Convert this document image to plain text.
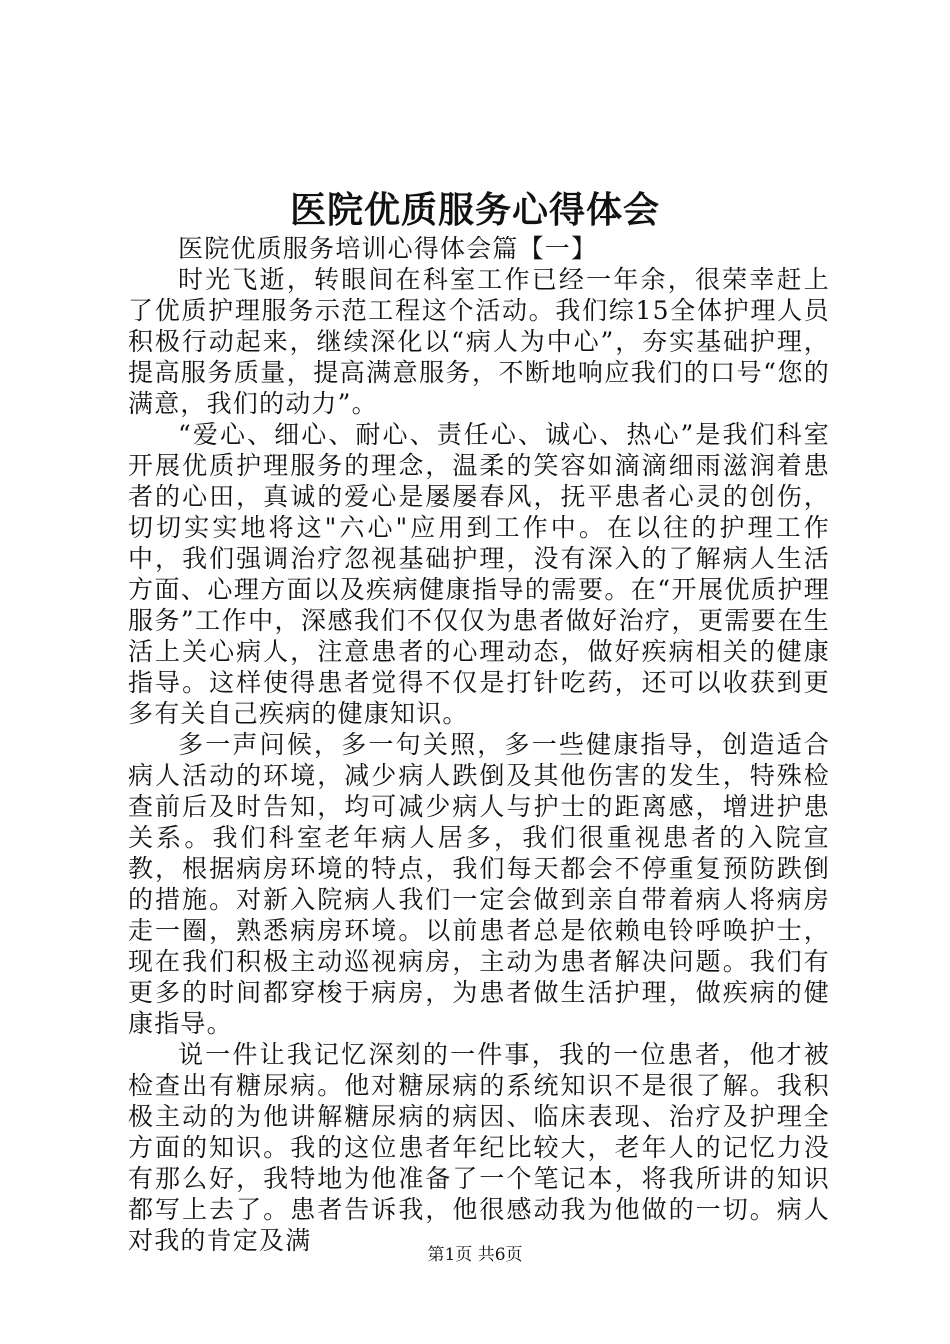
医院优质服务心得体会
医院优质服务培训心得体会篇【一】

时光飞逝，转眼间在科室工作已经一年余，很荣幸赶上了优质护理服务示范工程这个活动。我们综15全体护理人员积极行动起来，继续深化以“病人为中心”，夯实基础护理，提高服务质量，提高满意服务，不断地响应我们的口号“您的满意，我们的动力”。

“爱心、细心、耐心、责任心、诚心、热心”是我们科室开展优质护理服务的理念，温柔的笑容如滴滴细雨滋润着患者的心田，真诚的爱心是屡屡春风，抚平患者心灵的创伤，切切实实地将这"六心"应用到工作中。在以往的护理工作中，我们强调治疗忽视基础护理，没有深入的了解病人生活方面、心理方面以及疾病健康指导的需要。在“开展优质护理服务”工作中，深感我们不仅仅为患者做好治疗，更需要在生活上关心病人，注意患者的心理动态，做好疾病相关的健康指导。这样使得患者觉得不仅是打针吃药，还可以收获到更多有关自己疾病的健康知识。

多一声问候，多一句关照，多一些健康指导，创造适合病人活动的环境，减少病人跌倒及其他伤害的发生，特殊检查前后及时告知，均可减少病人与护士的距离感，增进护患关系。我们科室老年病人居多，我们很重视患者的入院宣教，根据病房环境的特点，我们每天都会不停重复预防跌倒的措施。对新入院病人我们一定会做到亲自带着病人将病房走一圈，熟悉病房环境。以前患者总是依赖电铃呼唤护士，现在我们积极主动巡视病房，主动为患者解决问题。我们有更多的时间都穿梭于病房，为患者做生活护理，做疾病的健康指导。

说一件让我记忆深刻的一件事，我的一位患者，他才被检查出有糖尿病。他对糖尿病的系统知识不是很了解。我积极主动的为他讲解糖尿病的病因、临床表现、治疗及护理全方面的知识。我的这位患者年纪比较大，老年人的记忆力没有那么好，我特地为他准备了一个笔记本，将我所讲的知识都写上去了。患者告诉我，他很感动我为他做的一切。病人对我的肯定及满	第1页 共6页
